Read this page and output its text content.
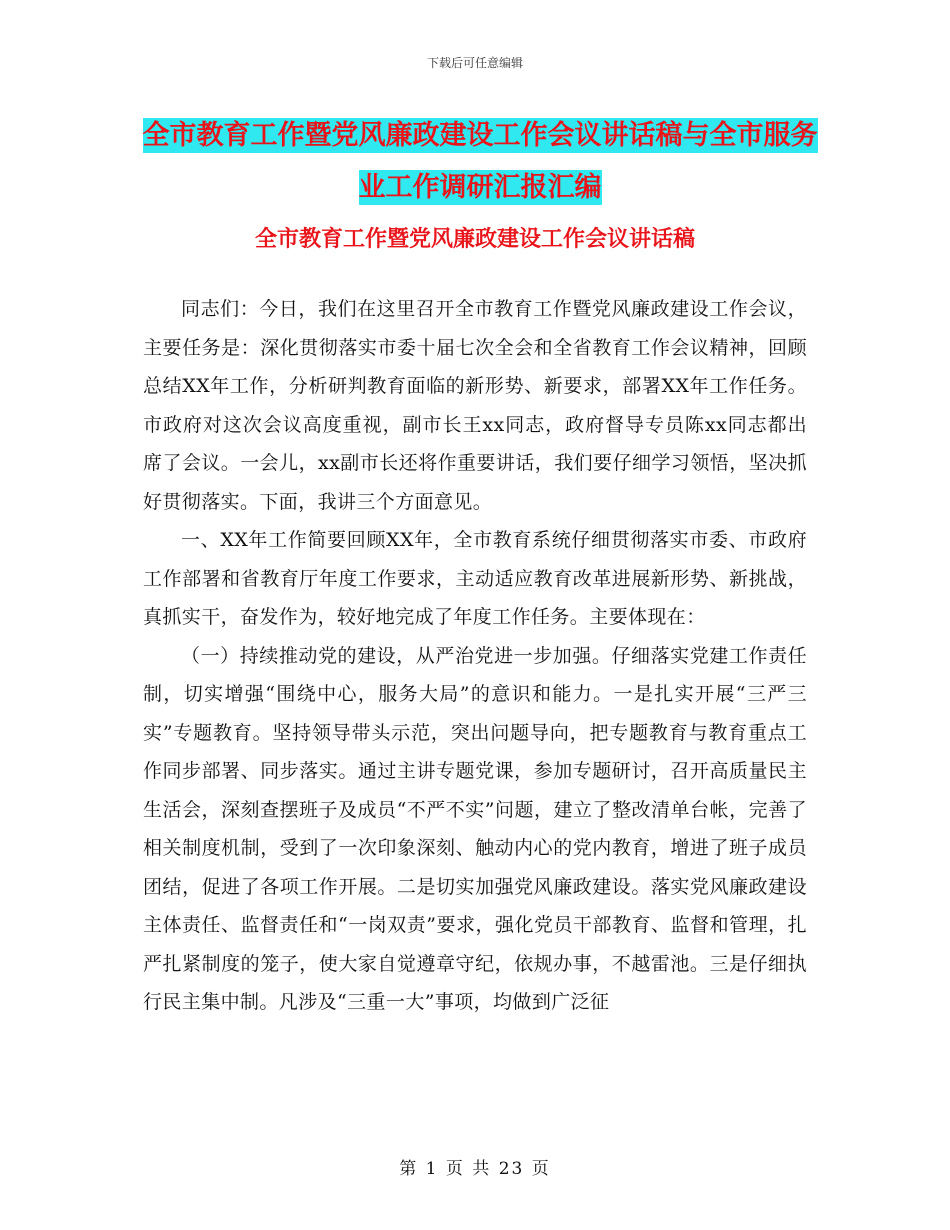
下载后可任意编辑
全市教育工作暨党风廉政建设工作会议讲话稿与全市服务业工作调研汇报汇编
全市教育工作暨党风廉政建设工作会议讲话稿

同志们：今日，我们在这里召开全市教育工作暨党风廉政建设工作会议，主要任务是：深化贯彻落实市委十届七次全会和全省教育工作会议精神，回顾总结XX年工作，分析研判教育面临的新形势、新要求，部署XX年工作任务。市政府对这次会议高度重视，副市长王xx同志，政府督导专员陈xx同志都出席了会议。一会儿，xx副市长还将作重要讲话，我们要仔细学习领悟，坚决抓好贯彻落实。下面，我讲三个方面意见。

一、XX年工作简要回顾XX年，全市教育系统仔细贯彻落实市委、市政府工作部署和省教育厅年度工作要求，主动适应教育改革进展新形势、新挑战，真抓实干，奋发作为，较好地完成了年度工作任务。主要体现在：

（一）持续推动党的建设，从严治党进一步加强。仔细落实党建工作责任制，切实增强“围绕中心，服务大局”的意识和能力。一是扎实开展“三严三实”专题教育。坚持领导带头示范，突出问题导向，把专题教育与教育重点工作同步部署、同步落实。通过主讲专题党课，参加专题研讨，召开高质量民主生活会，深刻查摆班子及成员“不严不实”问题，建立了整改清单台帐，完善了相关制度机制，受到了一次印象深刻、触动内心的党内教育，增进了班子成员团结，促进了各项工作开展。二是切实加强党风廉政建设。落实党风廉政建设主体责任、监督责任和“一岗双责”要求，强化党员干部教育、监督和管理，扎严扎紧制度的笼子，使大家自觉遵章守纪，依规办事，不越雷池。三是仔细执行民主集中制。凡涉及“三重一大”事项，均做到广泛征

第 1 页 共 23 页
